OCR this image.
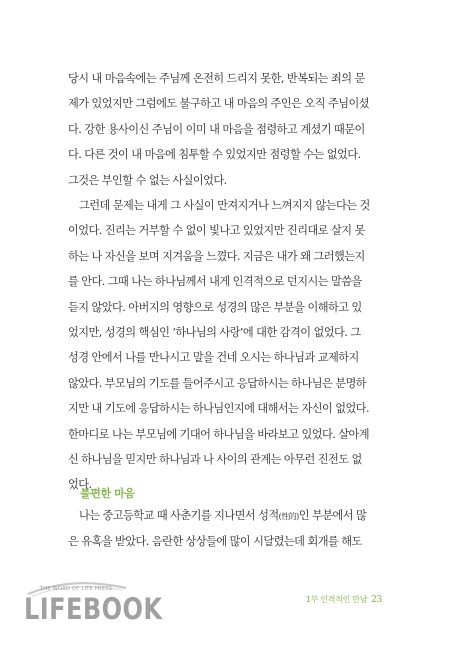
당시 내 마음속에는 주님께 온전히 드리지 못한, 반복되는 죄의 문
제가 있었지만 그럼에도 불구하고 내 마음의 주인은 오직 주님이셨
다. 강한 용사이신 주님이 이미 내 마음을 점령하고 계셨기 때문이
다. 다른 것이 내 마음에 침투할 수 있었지만 점령할 수는 없었다.
그것은 부인할 수 없는 사실이었다.
그런데 문제는 내게 그 사실이 만져지거나 느껴지지 않는다는 것
이었다. 진리는 거부할 수 없이 빛나고 있었지만 진리대로 살지 못
하는 나 자신을 보며 지겨움을 느꼈다. 지금은 내가 왜 그러했는지
를 안다. 그때 나는 하나님께서 내게 인격적으로 던지시는 말씀을
듣지 않았다. 아버지의 영향으로 성경의 많은 부분을 이해하고 있
었지만, 성경의 핵심인 ‘하나님의 사랑’에 대한 감격이 없었다. 그
성경 안에서 나를 만나시고 말을 건네 오시는 하나님과 교제하지
않았다. 부모님의 기도를 들어주시고 응답하시는 하나님은 분명하
지만 내 기도에 응답하시는 하나님인지에 대해서는 자신이 없었다.
한마디로 나는 부모님에 기대어 하나님을 바라보고 있었다. 살아계
신 하나님을 믿지만 하나님과 나 사이의 관계는 아무런 진전도 없
었다.
불편한 마음
나는 중고등학교 때 사춘기를 지나면서 성적(性的)인 부분에서 많
은 유혹을 받았다. 음란한 상상들에 많이 시달렸는데 회개를 해도
THE WORD OF LIFE PRESS
LIFEBOOK	1부 인격적인 만남 23
